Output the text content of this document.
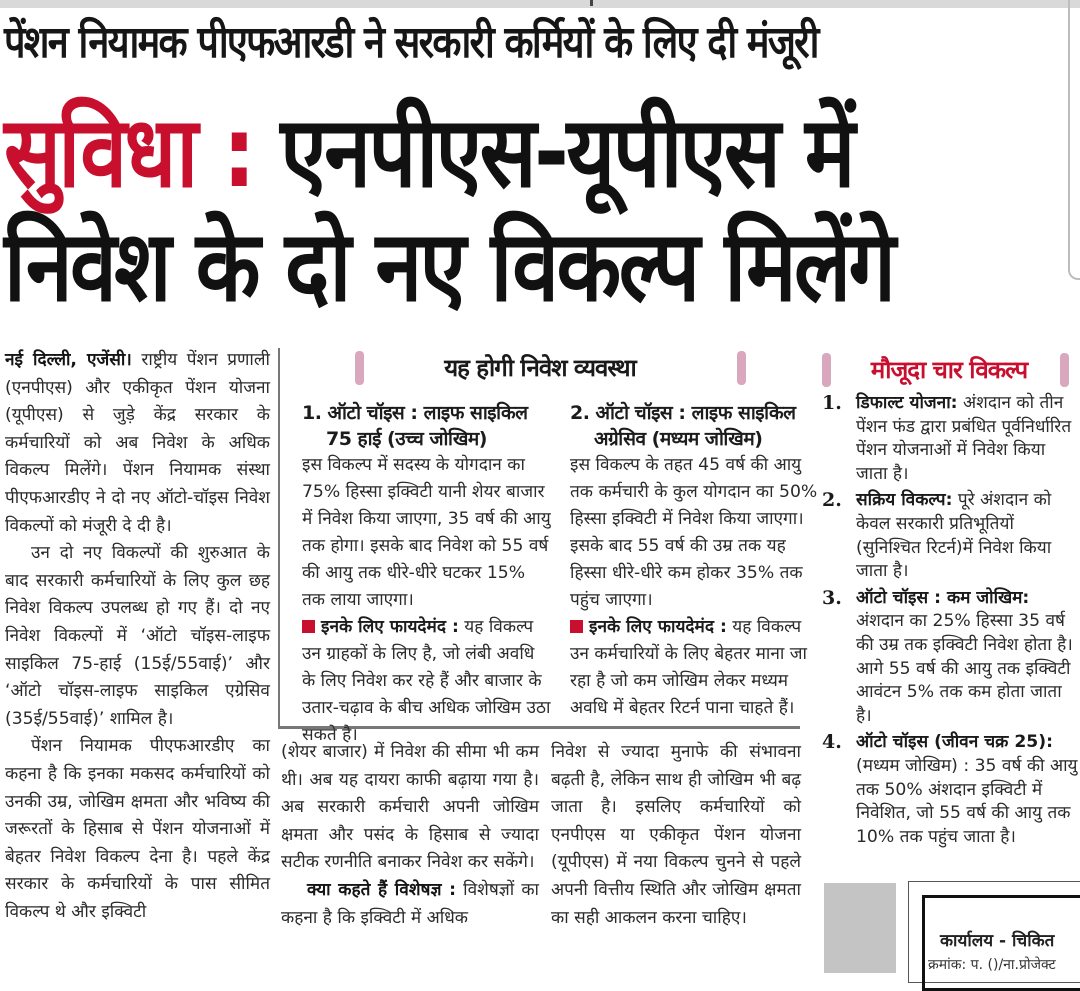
पेंशन नियामक पीएफआरडी ने सरकारी कर्मियों के लिए दी मंजूरी
सुविधा : एनपीएस-यूपीएस में
निवेश के दो नए विकल्प मिलेंगे

नई दिल्ली, एजेंसी। राष्ट्रीय पेंशन प्रणाली (एनपीएस) और एकीकृत पेंशन योजना (यूपीएस) से जुड़े केंद्र सरकार के कर्मचारियों को अब निवेश के अधिक विकल्प मिलेंगे। पेंशन नियामक संस्था पीएफआरडीए ने दो नए ऑटो-चॉइस निवेश विकल्पों को मंजूरी दे दी है।

उन दो नए विकल्पों की शुरुआत के बाद सरकारी कर्मचारियों के लिए कुल छह निवेश विकल्प उपलब्ध हो गए हैं। दो नए निवेश विकल्पों में ‘ऑटो चॉइस-लाइफ साइकिल 75-हाई (15ई/55वाई)’ और ‘ऑटो चॉइस-लाइफ साइकिल एग्रेसिव (35ई/55वाई)’ शामिल है।

पेंशन नियामक पीएफआरडीए का कहना है कि इनका मकसद कर्मचारियों को उनकी उम्र, जोखिम क्षमता और भविष्य की जरूरतों के हिसाब से पेंशन योजनाओं में बेहतर निवेश विकल्प देना है। पहले केंद्र सरकार के कर्मचारियों के पास सीमित विकल्प थे और इक्विटी

यह होगी निवेश व्यवस्था
1. ऑटो चॉइस : लाइफ साइकिल
75 हाई (उच्च जोखिम)
इस विकल्प में सदस्य के योगदान का 75% हिस्सा इक्विटी यानी शेयर बाजार में निवेश किया जाएगा, 35 वर्ष की आयु तक होगा। इसके बाद निवेश को 55 वर्ष की आयु तक धीरे-धीरे घटकर 15% तक लाया जाएगा।
इनके लिए फायदेमंद : यह विकल्प उन ग्राहकों के लिए है, जो लंबी अवधि के लिए निवेश कर रहे हैं और बाजार के उतार-चढ़ाव के बीच अधिक जोखिम उठा सकते है।
2. ऑटो चॉइस : लाइफ साइकिल
अग्रेसिव (मध्यम जोखिम)
इस विकल्प के तहत 45 वर्ष की आयु तक कर्मचारी के कुल योगदान का 50% हिस्सा इक्विटी में निवेश किया जाएगा। इसके बाद 55 वर्ष की उम्र तक यह हिस्सा धीरे-धीरे कम होकर 35% तक पहुंच जाएगा।
इनके लिए फायदेमंद : यह विकल्प उन कर्मचारियों के लिए बेहतर माना जा रहा है जो कम जोखिम लेकर मध्यम अवधि में बेहतर रिटर्न पाना चाहते हैं।

(शेयर बाजार) में निवेश की सीमा भी कम थी। अब यह दायरा काफी बढ़ाया गया है। अब सरकारी कर्मचारी अपनी जोखिम क्षमता और पसंद के हिसाब से ज्यादा सटीक रणनीति बनाकर निवेश कर सकेंगे।

क्या कहते हैं विशेषज्ञ : विशेषज्ञों का कहना है कि इक्विटी में अधिक

निवेश से ज्यादा मुनाफे की संभावना बढ़ती है, लेकिन साथ ही जोखिम भी बढ़ जाता है। इसलिए कर्मचारियों को एनपीएस या एकीकृत पेंशन योजना (यूपीएस) में नया विकल्प चुनने से पहले अपनी वित्तीय स्थिति और जोखिम क्षमता का सही आकलन करना चाहिए।

मौजूदा चार विकल्प
1. डिफाल्ट योजना: अंशदान को तीन पेंशन फंड द्वारा प्रबंधित पूर्वनिर्धारित पेंशन योजनाओं में निवेश किया जाता है।
2. सक्रिय विकल्प: पूरे अंशदान को केवल सरकारी प्रतिभूतियों (सुनिश्चित रिटर्न)में निवेश किया जाता है।
3. ऑटो चॉइस : कम जोखिम: अंशदान का 25% हिस्सा 35 वर्ष की उम्र तक इक्विटी निवेश होता है। आगे 55 वर्ष की आयु तक इक्विटी आवंटन 5% तक कम होता जाता है।
4. ऑटो चॉइस (जीवन चक्र 25): (मध्यम जोखिम) : 35 वर्ष की आयु तक 50% अंशदान इक्विटी में निवेशित, जो 55 वर्ष की आयु तक 10% तक पहुंच जाता है।
कार्यालय - चिकित
क्रमांक: प. ()/ना.प्रोजेक्ट
